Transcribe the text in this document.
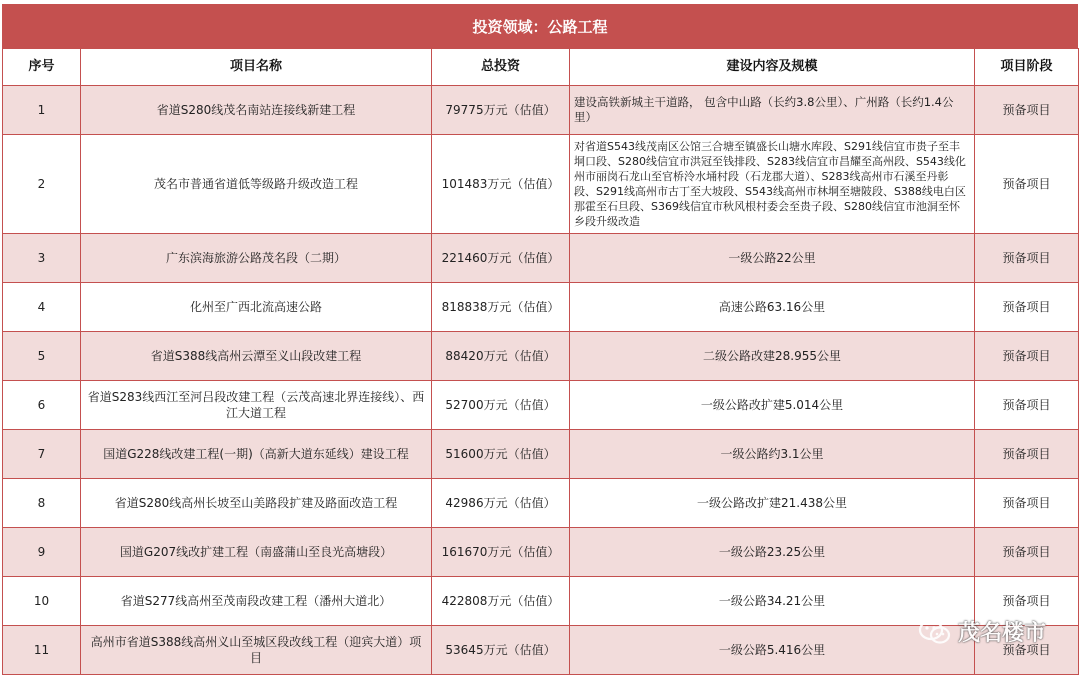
投资领域：公路工程
序号	项目名称	总投资	建设内容及规模	项目阶段
1	省道S280线茂名南站连接线新建工程	79775万元（估值）	建设高铁新城主干道路， 包含中山路（长约3.8公里）、广州路（长约1.4公里）	预备项目
2	茂名市普通省道低等级路升级改造工程	101483万元（估值）	对省道S543线茂南区公馆三合塘至镇盛长山塘水库段、S291线信宜市贵子至丰垌口段、S280线信宜市洪冠至钱排段、S283线信宜市昌耀至高州段、S543线化州市丽岗石龙山至官桥泠水埇村段（石龙郡大道）、S283线高州市石溪至丹彰段、S291线高州市古丁至大坡段、S543线高州市林垌至塘陂段、S388线电白区那霍至石旦段、S369线信宜市秋风根村委会至贵子段、S280线信宜市池洞至怀乡段升级改造	预备项目
3	广东滨海旅游公路茂名段（二期）	221460万元（估值）	一级公路22公里	预备项目
4	化州至广西北流高速公路	818838万元（估值）	高速公路63.16公里	预备项目
5	省道S388线高州云潭至义山段改建工程	88420万元（估值）	二级公路改建28.955公里	预备项目
6	省道S283线西江至河吕段改建工程（云茂高速北界连接线）、西江大道工程	52700万元（估值）	一级公路改扩建5.014公里	预备项目
7	国道G228线改建工程(一期)（高新大道东延线）建设工程	51600万元（估值）	一级公路约3.1公里	预备项目
8	省道S280线高州长坡至山美路段扩建及路面改造工程	42986万元（估值）	一级公路改扩建21.438公里	预备项目
9	国道G207线改扩建工程（南盛蒲山至良光高塘段）	161670万元（估值）	一级公路23.25公里	预备项目
10	省道S277线高州至茂南段改建工程（潘州大道北）	422808万元（估值）	一级公路34.21公里	预备项目
11	高州市省道S388线高州义山至城区段改线工程（迎宾大道）项目	53645万元（估值）	一级公路5.416公里	预备项目
茂名楼市
